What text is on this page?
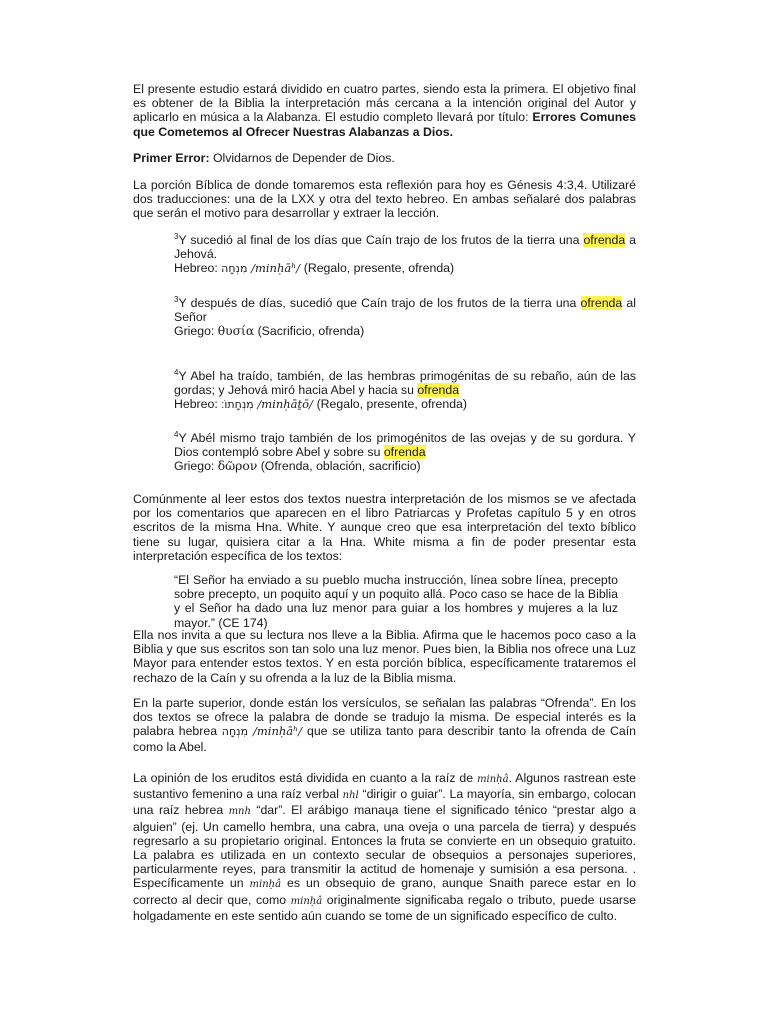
El presente estudio estará dividido en cuatro partes, siendo esta la primera. El objetivo final es obtener de la Biblia la interpretación más cercana a la intención original del Autor y aplicarlo en música a la Alabanza. El estudio completo llevará por título: Errores Comunes que Cometemos al Ofrecer Nuestras Alabanzas a Dios.

Primer Error: Olvidarnos de Depender de Dios.

La porción Bíblica de donde tomaremos esta reflexión para hoy es Génesis 4:3,4. Utilizaré dos traducciones: una de la LXX y otra del texto hebreo. En ambas señalaré dos palabras que serán el motivo para desarrollar y extraer la lección.

$^3$Y sucedió al final de los días que Caín trajo de los frutos de la tierra una ofrenda a Jehová.
Hebreo: מִנְחָה /minḥāʰ/ (Regalo, presente, ofrenda)

$^3$Y después de días, sucedió que Caín trajo de los frutos de la tierra una ofrenda al Señor
Griego: θυσία (Sacrificio, ofrenda)

$^4$Y Abel ha traído, también, de las hembras primogénitas de su rebaño, aún de las gordas; y Jehová miró hacia Abel y hacia su ofrenda
Hebreo: מִנְחָתוֹ׃ /minḥāṯō/ (Regalo, presente, ofrenda)

$^4$Y Abél mismo trajo también de los primogénitos de las ovejas y de su gordura. Y Dios contempló sobre Abel y sobre su ofrenda
Griego: δῶρον (Ofrenda, oblación, sacrificio)

Comúnmente al leer estos dos textos nuestra interpretación de los mismos se ve afectada por los comentarios que aparecen en el libro Patriarcas y Profetas capítulo 5 y en otros escritos de la misma Hna. White. Y aunque creo que esa interpretación del texto bíblico tiene su lugar, quisiera citar a la Hna. White misma a fin de poder presentar esta interpretación específica de los textos:

“El Señor ha enviado a su pueblo mucha instrucción, línea sobre línea, precepto sobre precepto, un poquito aquí y un poquito allá. Poco caso se hace de la Biblia y el Señor ha dado una luz menor para guiar a los hombres y mujeres a la luz mayor.” (CE 174)

Ella nos invita a que su lectura nos lleve a la Biblia. Afirma que le hacemos poco caso a la Biblia y que sus escritos son tan solo una luz menor. Pues bien, la Biblia nos ofrece una Luz Mayor para entender estos textos. Y en esta porción bíblica, específicamente trataremos el rechazo de la Caín y su ofrenda a la luz de la Biblia misma.

En la parte superior, donde están los versículos, se señalan las palabras “Ofrenda”. En los dos textos se ofrece la palabra de donde se tradujo la misma. De especial interés es la palabra hebrea מִנְחָה /minḥāʰ/ que se utiliza tanto para describir tanto la ofrenda de Caín como la Abel.

La opinión de los eruditos está dividida en cuanto a la raíz de minḥâ. Algunos rastrean este sustantivo femenino a una raíz verbal nhl “dirigir o guiar”. La mayoría, sin embargo, colocan una raíz hebrea mnh “dar”. El arábigo manaɥa tiene el significado ténico “prestar algo a alguien” (ej. Un camello hembra, una cabra, una oveja o una parcela de tierra) y después regresarlo a su propietario original. Entonces la fruta se convierte en un obsequio gratuito. La palabra es utilizada en un contexto secular de obsequios a personajes superiores, particularmente reyes, para transmitir la actitud de homenaje y sumisión a esa persona. . Específicamente un minḥâ es un obsequio de grano, aunque Snaith parece estar en lo correcto al decir que, como minḥâ originalmente significaba regalo o tributo, puede usarse holgadamente en este sentido aún cuando se tome de un significado específico de culto.
